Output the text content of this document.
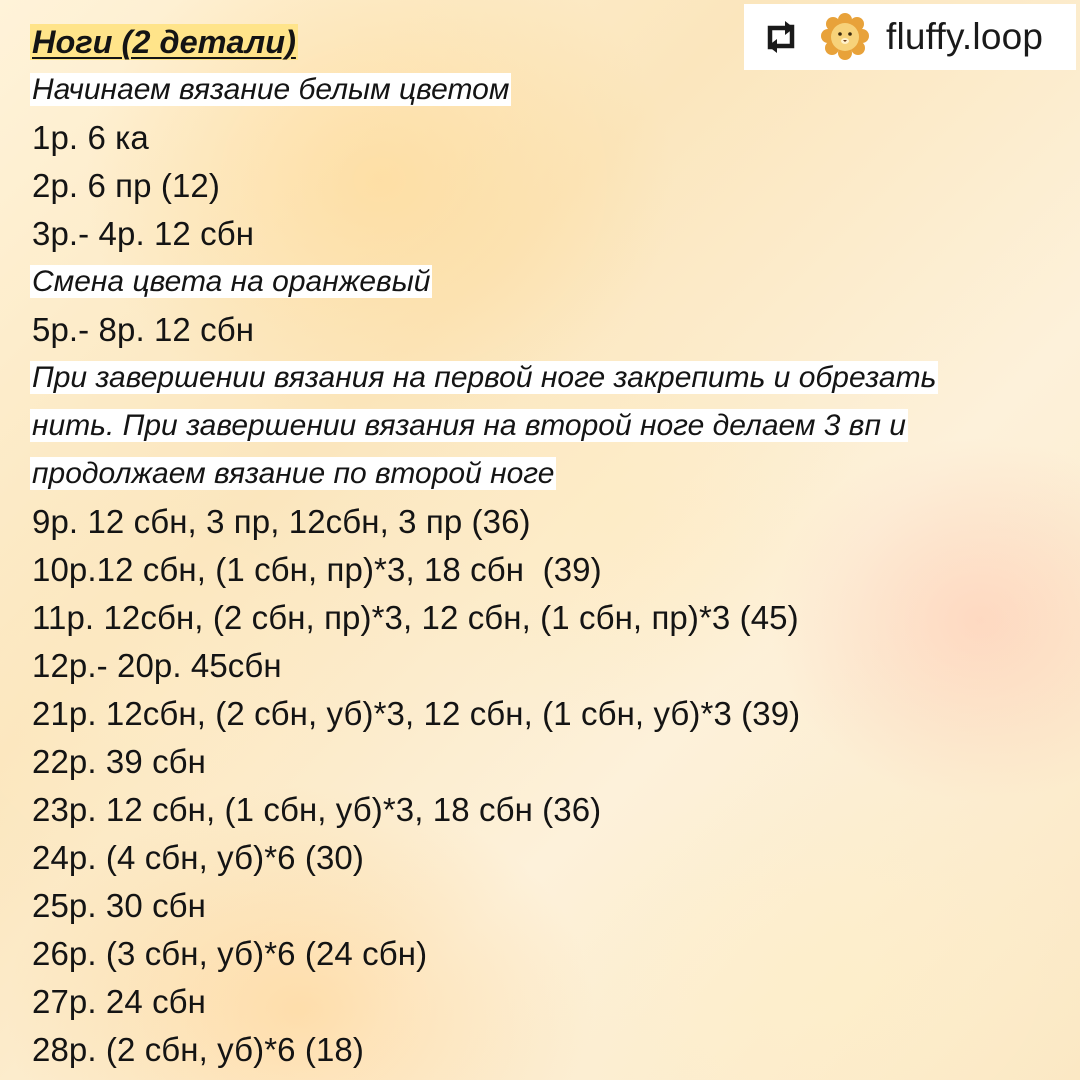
fluffy.loop
Ноги (2 детали)
Начинаем вязание белым цветом
1р. 6 ка
2р. 6 пр (12)
3р.- 4р. 12 сбн
Смена цвета на оранжевый
5р.- 8р. 12 сбн
При завершении вязания на первой ноге закрепить и обрезать
нить. При завершении вязания на второй ноге делаем 3 вп и
продолжаем вязание по второй ноге
9р. 12 сбн, 3 пр, 12сбн, 3 пр (36)
10р.12 сбн, (1 сбн, пр)*3, 18 сбн  (39)
11р. 12сбн, (2 сбн, пр)*3, 12 сбн, (1 сбн, пр)*3 (45)
12р.- 20р. 45сбн
21р. 12сбн, (2 сбн, уб)*3, 12 сбн, (1 сбн, уб)*3 (39)
22р. 39 сбн
23р. 12 сбн, (1 сбн, уб)*3, 18 сбн (36)
24р. (4 сбн, уб)*6 (30)
25р. 30 сбн
26р. (3 сбн, уб)*6 (24 сбн)
27р. 24 сбн
28р. (2 сбн, уб)*6 (18)
